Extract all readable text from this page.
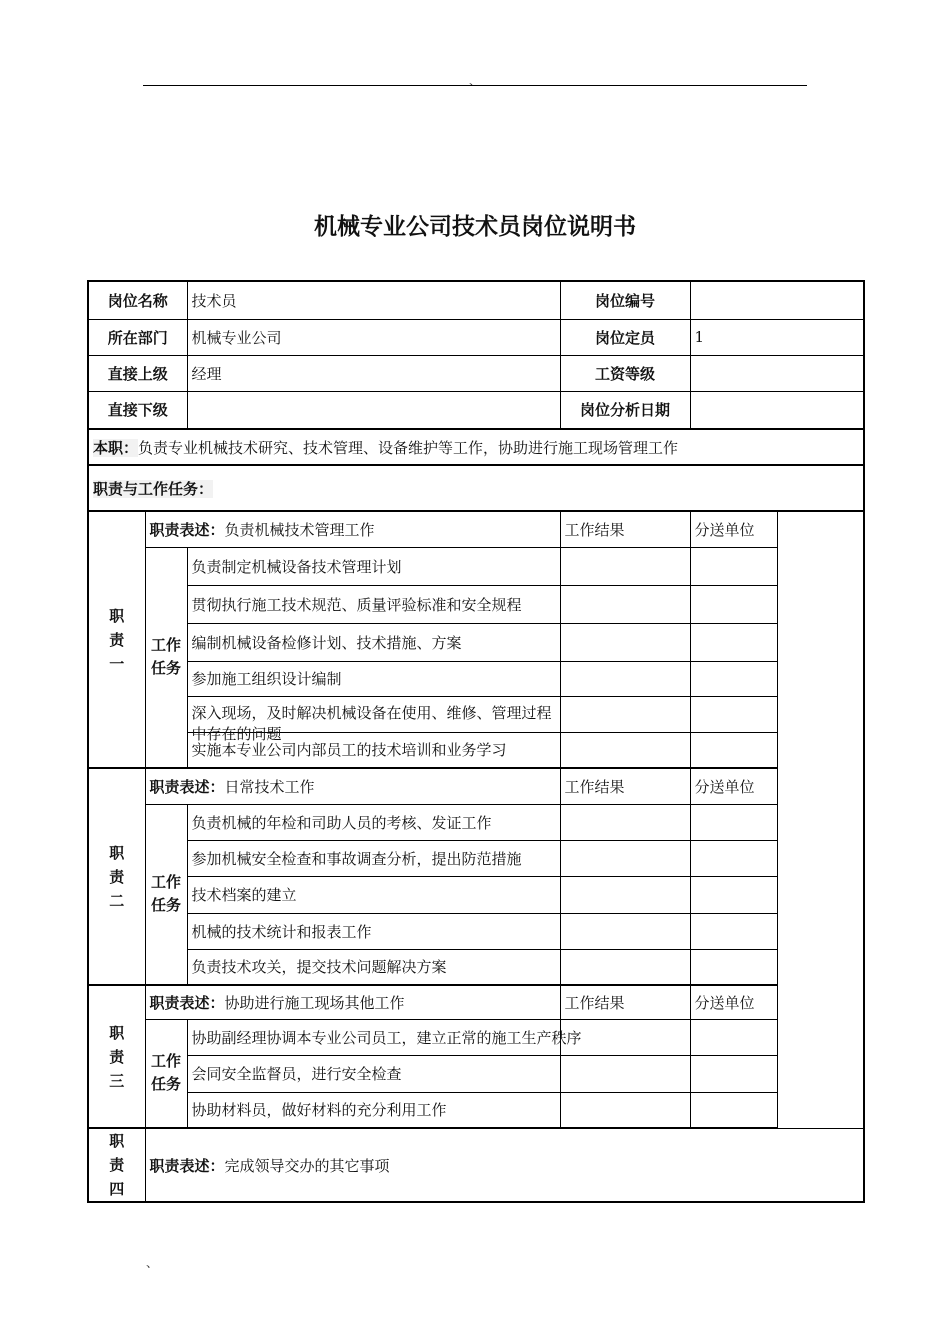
、
机械专业公司技术员岗位说明书
岗位名称		技术员	岗位编号	
所在部门		机械专业公司	岗位定员	1
直接上级		经理	工资等级	
直接下级			岗位分析日期	
本职：负责专业机械技术研究、技术管理、设备维护等工作，协助进行施工现场管理工作				
职责与工作任务：				

职
责
一	职责表述：负责机械技术管理工作		工作结果	分送单位

	工作
任务	负责制定机械设备技术管理计划		
		贯彻执行施工技术规范、质量评验标准和安全规程		
		编制机械设备检修计划、技术措施、方案		
		参加施工组织设计编制		

		深入现场，及时解决机械设备在使用、维修、管理过程中存在的问题		

		实施本专业公司内部员工的技术培训和业务学习		

职
责
二	职责表述：日常技术工作		工作结果	分送单位

	工作
任务	负责机械的年检和司助人员的考核、发证工作		
		参加机械安全检查和事故调查分析，提出防范措施		
		技术档案的建立		
		机械的技术统计和报表工作		
		负责技术攻关，提交技术问题解决方案		

职
责
三	职责表述：协助进行施工现场其他工作		工作结果	分送单位

	工作
任务	协助副经理协调本专业公司员工，建立正常的施工生产秩序		
		会同安全监督员，进行安全检查		
		协助材料员，做好材料的充分利用工作		

职
责
四	职责表述：完成领导交办的其它事项			
、
